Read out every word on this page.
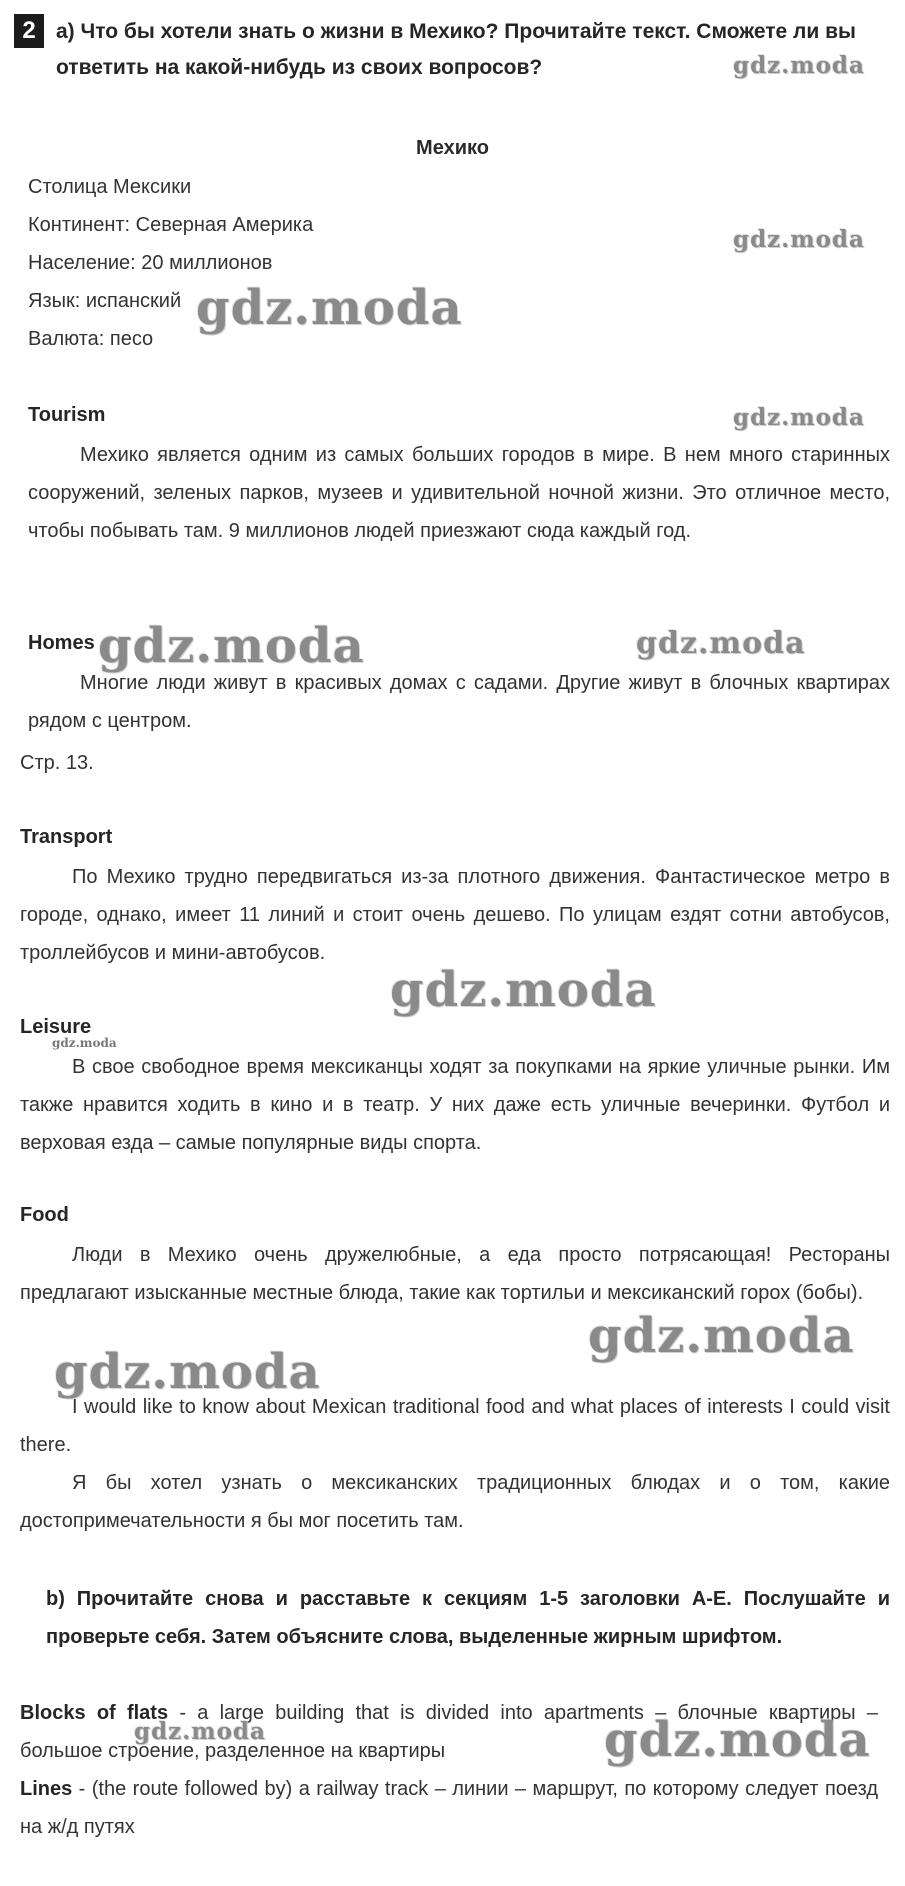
2 а) Что бы хотели знать о жизни в Мехико? Прочитайте текст. Сможете ли вы ответить на какой-нибудь из своих вопросов?
Мехико
Столица Мексики
Континент: Северная Америка
Население: 20 миллионов
Язык: испанский
Валюта: песо
Tourism
Мехико является одним из самых больших городов в мире. В нем много старинных сооружений, зеленых парков, музеев и удивительной ночной жизни. Это отличное место, чтобы побывать там. 9 миллионов людей приезжают сюда каждый год.
Homes
Многие люди живут в красивых домах с садами. Другие живут в блочных квартирах рядом с центром.
Стр. 13.
Transport
По Мехико трудно передвигаться из-за плотного движения. Фантастическое метро в городе, однако, имеет 11 линий и стоит очень дешево. По улицам ездят сотни автобусов, троллейбусов и мини-автобусов.
Leisure
В свое свободное время мексиканцы ходят за покупками на яркие уличные рынки. Им также нравится ходить в кино и в театр. У них даже есть уличные вечеринки. Футбол и верховая езда – самые популярные виды спорта.
Food
Люди в Мехико очень дружелюбные, а еда просто потрясающая! Рестораны предлагают изысканные местные блюда, такие как тортильи и мексиканский горох (бобы).
I would like to know about Mexican traditional food and what places of interests I could visit there.
Я бы хотел узнать о мексиканских традиционных блюдах и о том, какие достопримечательности я бы мог посетить там.
b) Прочитайте снова и расставьте к секциям 1-5 заголовки A-E. Послушайте и проверьте себя. Затем объясните слова, выделенные жирным шрифтом.
Blocks of flats - a large building that is divided into apartments – блочные квартиры – большое строение, разделенное на квартиры
Lines - (the route followed by) a railway track – линии – маршрут, по которому следует поезд на ж/д путях
gdz.moda
gdz.moda
gdz.moda
gdz.moda
gdz.moda	gdz.moda
gdz.moda
gdz.moda
gdz.moda
gdz.moda
gdz.moda	gdz.moda
